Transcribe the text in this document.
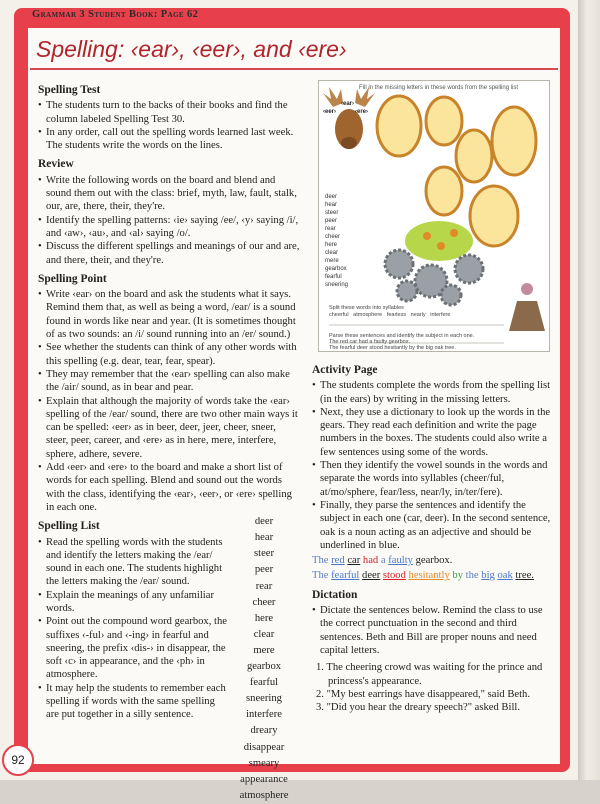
Grammar 3 Student Book: Page 62
Spelling: ‹ear›, ‹eer›, and ‹ere›
Spelling Test

• The students turn to the backs of their books and find the column labeled Spelling Test 30.

• In any order, call out the spelling words learned last week. The students write the words on the lines.

Review

• Write the following words on the board and blend and sound them out with the class: brief, myth, law, fault, stalk, our, are, there, their, they're.

• Identify the spelling patterns: ‹ie› saying /ee/, ‹y› saying /i/, and ‹aw›, ‹au›, and ‹al› saying /o/.

• Discuss the different spellings and meanings of our and are, and there, their, and they're.

Spelling Point

• Write ‹ear› on the board and ask the students what it says. Remind them that, as well as being a word, /ear/ is a sound found in words like near and year. (It is sometimes thought of as two sounds: an /i/ sound running into an /er/ sound.)

• See whether the students can think of any other words with this spelling (e.g. dear, tear, fear, spear).

• They may remember that the ‹ear› spelling can also make the /air/ sound, as in bear and pear.

• Explain that although the majority of words take the ‹ear› spelling of the /ear/ sound, there are two other main ways it can be spelled: ‹eer› as in beer, deer, jeer, cheer, sneer, steer, peer, career, and ‹ere› as in here, mere, interfere, sphere, adhere, severe.

• Add ‹eer› and ‹ere› to the board and make a short list of words for each spelling. Blend and sound out the words with the class, identifying the ‹ear›, ‹eer›, or ‹ere› spelling in each one.

Spelling List

• Read the spelling words with the students and identify the letters making the /ear/ sound in each one. The students highlight the letters making the /ear/ sound.

• Explain the meanings of any unfamiliar words.

• Point out the compound word gearbox, the suffixes ‹-ful› and ‹-ing› in fearful and sneering, the prefix ‹dis-› in disappear, the soft ‹c› in appearance, and the ‹ph› in atmosphere.

• It may help the students to remember each spelling if words with the same spelling are put together in a silly sentence.

deer
hear
steer
peer
rear
cheer
here
clear
mere
gearbox
fearful
sneering
interfere
dreary
disappear
smeary
appearance
atmosphere
Fill in the missing letters in these words from the spelling list
‹ear›
‹eer›	‹ere›
deer
hear
steer
peer
rear
cheer
here
clear
mere
gearbox
fearful
sneering
Split these words into syllables
cheerful atmosphere fearless nearly interfere
Parse these sentences and identify the subject in each one.
The red car had a faulty gearbox.
The fearful deer stood hesitantly by the big oak tree.
Activity Page

• The students complete the words from the spelling list (in the ears) by writing in the missing letters.

• Next, they use a dictionary to look up the words in the gears. They read each definition and write the page numbers in the boxes. The students could also write a few sentences using some of the words.

• Then they identify the vowel sounds in the words and separate the words into syllables (cheer/ful, at/mo/sphere, fear/less, near/ly, in/ter/fere).

• Finally, they parse the sentences and identify the subject in each one (car, deer). In the second sentence, oak is a noun acting as an adjective and should be underlined in blue.

The red car had a faulty gearbox.
The fearful deer stood hesitantly by the big oak tree.
Dictation

• Dictate the sentences below. Remind the class to use the correct punctuation in the second and third sentences. Beth and Bill are proper nouns and need capital letters.

1. The cheering crowd was waiting for the prince and princess's appearance.
2. "My best earrings have disappeared," said Beth.
3. "Did you hear the dreary speech?" asked Bill.
92
